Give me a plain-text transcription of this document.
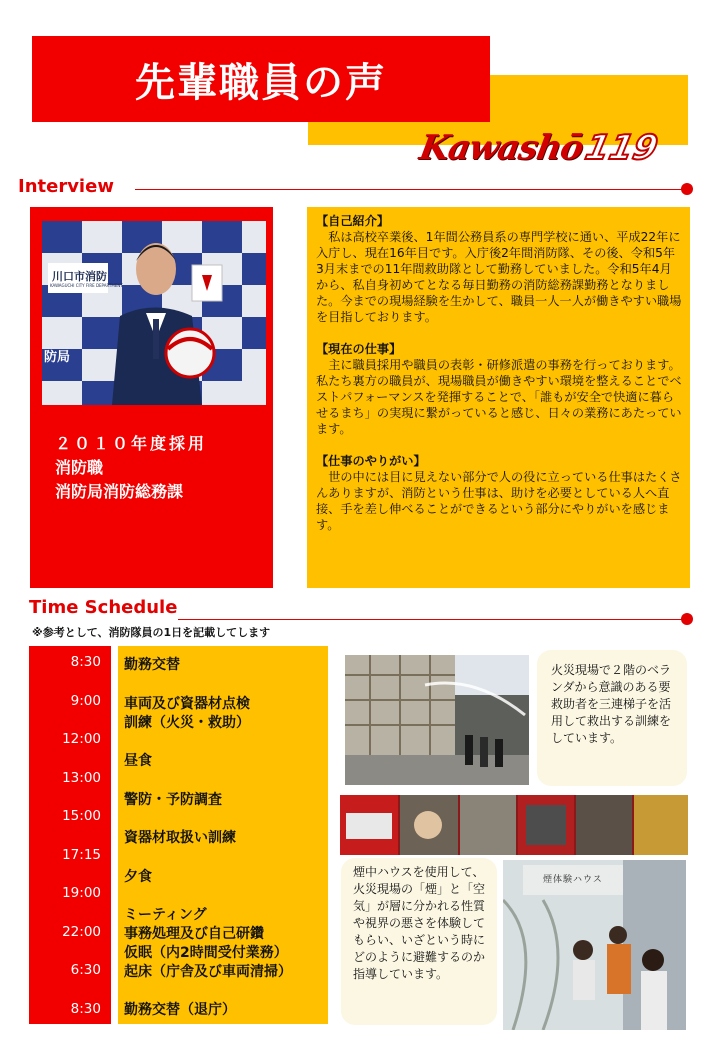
先輩職員の声
Kawashō119
Interview
川口市消防
KAWAGUCHI CITY FIRE DEPARTMENT
防局
２０１０年度採用
消防職
消防局消防総務課
【自己紹介】

私は高校卒業後、1年間公務員系の専門学校に通い、平成22年に入庁し、現在16年目です。入庁後2年間消防隊、その後、令和5年3月末までの11年間救助隊として勤務していました。令和5年4月から、私自身初めてとなる毎日勤務の消防総務課勤務となりました。今までの現場経験を生かして、職員一人一人が働きやすい職場を目指しております。

【現在の仕事】

主に職員採用や職員の表彰・研修派遣の事務を行っております。私たち裏方の職員が、現場職員が働きやすい環境を整えることでベストパフォーマンスを発揮することで、「誰もが安全で快適に暮らせるまち」の実現に繋がっていると感じ、日々の業務にあたっています。

【仕事のやりがい】

世の中には目に見えない部分で人の役に立っている仕事はたくさんありますが、消防という仕事は、助けを必要としている人へ直接、手を差し伸べることができるという部分にやりがいを感じます。

Time Schedule
※参考として、消防隊員の1日を記載してします
8:30
9:00
12:00
13:00
15:00
17:15
19:00
22:00
6:30
8:30
勤務交替
車両及び資器材点検
訓練（火災・救助）
昼食
警防・予防調査
資器材取扱い訓練
夕食
ミーティング
事務処理及び自己研鑽
仮眠（内2時間受付業務）
起床（庁舎及び車両清掃）
勤務交替（退庁）
火災現場で２階のベランダから意識のある要救助者を三連梯子を活用して救出する訓練をしています。
煙体験ハウス
煙中ハウスを使用して、火災現場の「煙」と「空気」が層に分かれる性質や視界の悪さを体験してもらい、いざという時にどのように避難するのか指導しています。
